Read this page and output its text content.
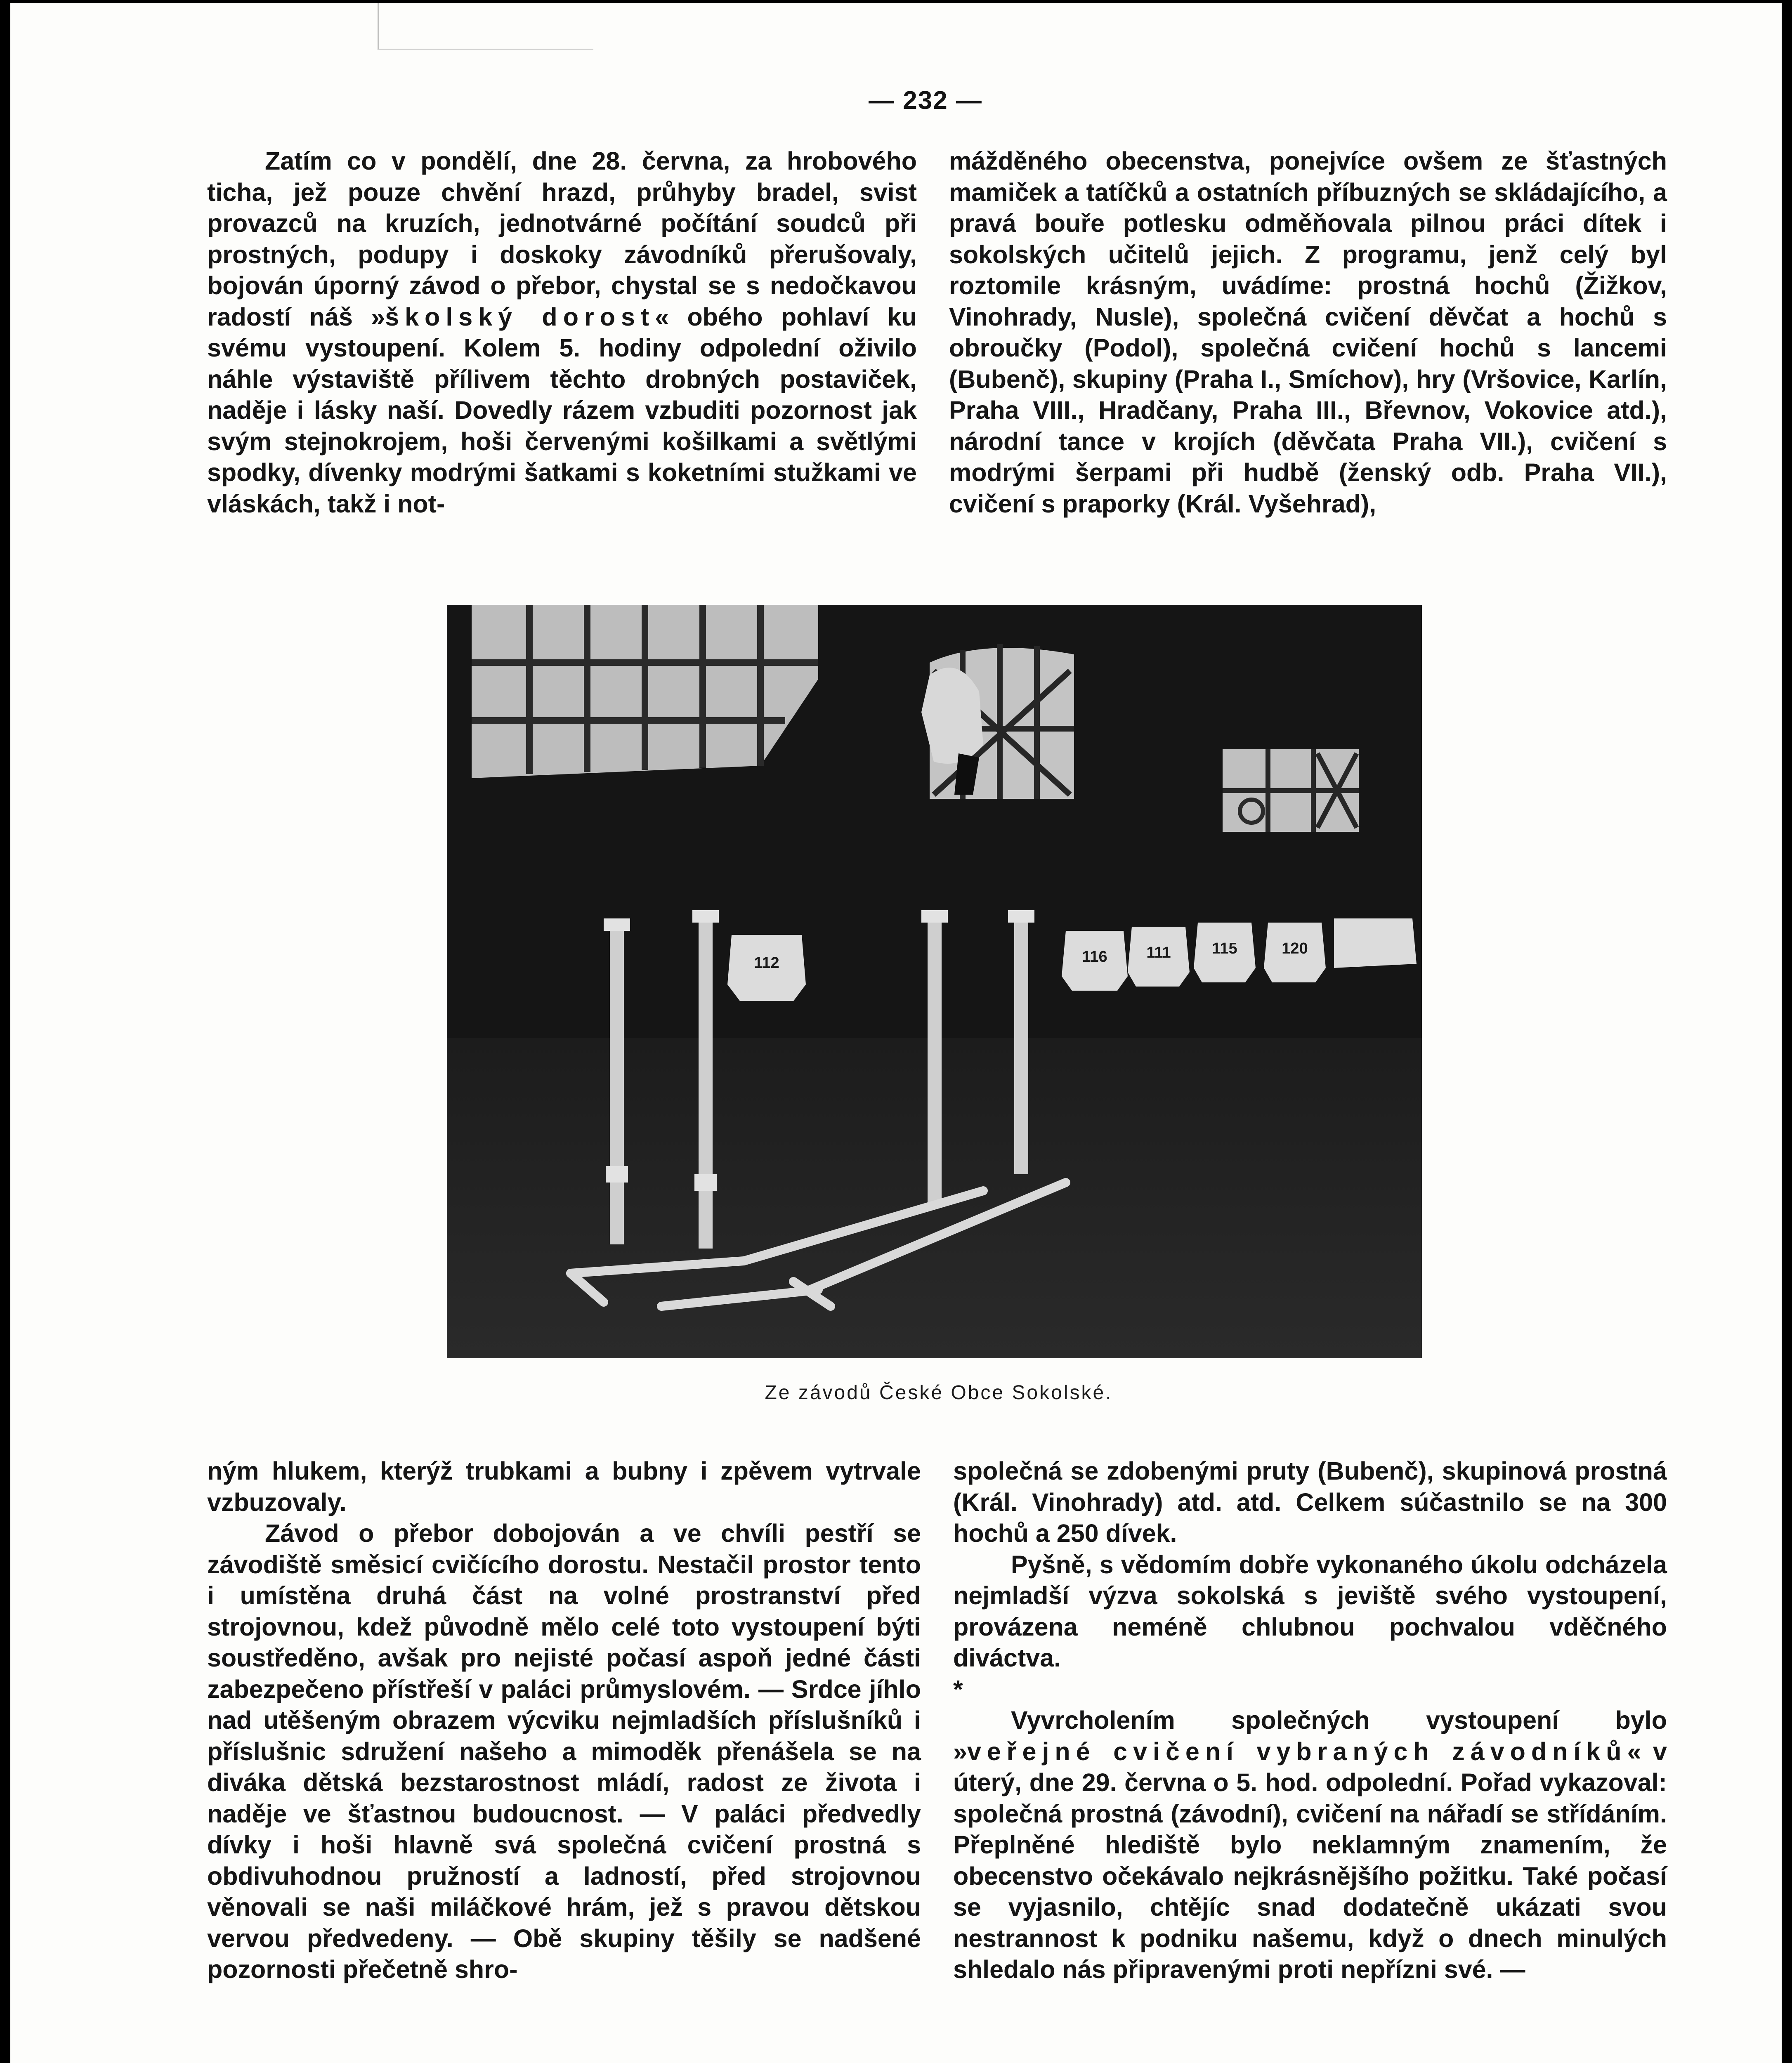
— 232 —

Zatím co v pondělí, dne 28. června, za hrobového ticha, jež pouze chvění hrazd, průhyby bradel, svist provazců na kruzích, jednotvárné počítání soudců při prostných, podupy i doskoky závodníků přerušovaly, bojován úporný závod o přebor, chystal se s nedočkavou radostí náš »školský dorost« obého pohlaví ku svému vystoupení. Kolem 5. hodiny odpolední oživilo náhle výstaviště přílivem těchto drobných postaviček, naděje i lásky naší. Dovedly rázem vzbuditi pozornost jak svým stejnokrojem, hoši červenými košilkami a světlými spodky, dívenky modrými šatkami s koketními stužkami ve vláskách, takž i not-

mážděného obecenstva, ponejvíce ovšem ze šťastných mamiček a tatíčků a ostatních příbuzných se skládajícího, a pravá bouře potlesku odměňovala pilnou práci dítek i sokolských učitelů jejich. Z programu, jenž celý byl roztomile krásným, uvádíme: prostná hochů (Žižkov, Vinohrady, Nusle), společná cvičení děvčat a hochů s obroučky (Podol), společná cvičení hochů s lancemi (Bubenč), skupiny (Praha I., Smíchov), hry (Vršovice, Karlín, Praha VIII., Hradčany, Praha III., Břevnov, Vokovice atd.), národní tance v krojích (děvčata Praha VII.), cvičení s modrými šerpami při hudbě (ženský odb. Praha VII.), cvičení s praporky (Král. Vyšehrad),

112	116 111	115	120
Ze závodů České Obce Sokolské.

ným hlukem, kterýž trubkami a bubny i zpěvem vytrvale vzbuzovaly.

Závod o přebor dobojován a ve chvíli pestří se závodiště směsicí cvičícího dorostu. Nestačil prostor tento i umístěna druhá část na volné prostranství před strojovnou, kdež původně mělo celé toto vystoupení býti soustředěno, avšak pro nejisté počasí aspoň jedné části zabezpečeno přístřeší v paláci průmyslovém. — Srdce jíhlo nad utěšeným obrazem výcviku nejmladších příslušníků i příslušnic sdružení našeho a mimoděk přenášela se na diváka dětská bezstarostnost mládí, radost ze života i naděje ve šťastnou budoucnost. — V paláci předvedly dívky i hoši hlavně svá společná cvičení prostná s obdivuhodnou pružností a ladností, před strojovnou věnovali se naši miláčkové hrám, jež s pravou dětskou vervou předvedeny. — Obě skupiny těšily se nadšené pozornosti přečetně shro-

společná se zdobenými pruty (Bubenč), skupinová prostná (Král. Vinohrady) atd. atd. Celkem súčastnilo se na 300 hochů a 250 dívek.

Pyšně, s vědomím dobře vykonaného úkolu odcházela nejmladší výzva sokolská s jeviště svého vystoupení, provázena neméně chlubnou pochvalou vděčného diváctva.

*

Vyvrcholením společných vystoupení bylo »veřejné cvičení vybraných závodníků« v úterý, dne 29. června o 5. hod. odpolední. Pořad vykazoval: společná prostná (závodní), cvičení na nářadí se střídáním. Přeplněné hlediště bylo neklamným znamením, že obecenstvo očekávalo nejkrásnějšího požitku. Také počasí se vyjasnilo, chtějíc snad dodatečně ukázati svou nestrannost k podniku našemu, když o dnech minulých shledalo nás připravenými proti nepřízni své. —
